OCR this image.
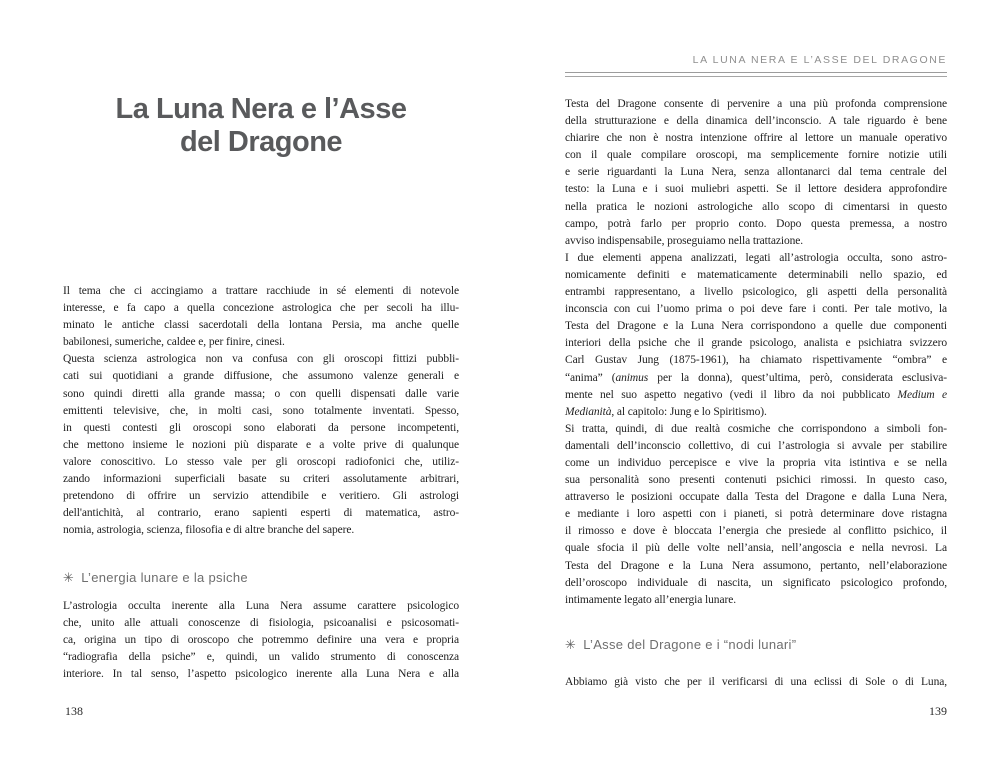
La Luna Nera e l’Asse
del Dragone
Il tema che ci accingiamo a trattare racchiude in sé elementi di notevole
interesse, e fa capo a quella concezione astrologica che per secoli ha illu-
minato le antiche classi sacerdotali della lontana Persia, ma anche quelle
babilonesi, sumeriche, caldee e, per finire, cinesi.
Questa scienza astrologica non va confusa con gli oroscopi fittizi pubbli-
cati sui quotidiani a grande diffusione, che assumono valenze generali e
sono quindi diretti alla grande massa; o con quelli dispensati dalle varie
emittenti televisive, che, in molti casi, sono totalmente inventati. Spesso,
in questi contesti gli oroscopi sono elaborati da persone incompetenti,
che mettono insieme le nozioni più disparate e a volte prive di qualunque
valore conoscitivo. Lo stesso vale per gli oroscopi radiofonici che, utiliz-
zando informazioni superficiali basate su criteri assolutamente arbitrari,
pretendono di offrire un servizio attendibile e veritiero. Gli astrologi
dell'antichità, al contrario, erano sapienti esperti di matematica, astro-
nomia, astrologia, scienza, filosofia e di altre branche del sapere.
✳ L’energia lunare e la psiche
L’astrologia occulta inerente alla Luna Nera assume carattere psicologico
che, unito alle attuali conoscenze di fisiologia, psicoanalisi e psicosomati-
ca, origina un tipo di oroscopo che potremmo definire una vera e propria
“radiografia della psiche” e, quindi, un valido strumento di conoscenza
interiore. In tal senso, l’aspetto psicologico inerente alla Luna Nera e alla
138
LA LUNA NERA E L’ASSE DEL DRAGONE
Testa del Dragone consente di pervenire a una più profonda comprensione
della strutturazione e della dinamica dell’inconscio. A tale riguardo è bene
chiarire che non è nostra intenzione offrire al lettore un manuale operativo
con il quale compilare oroscopi, ma semplicemente fornire notizie utili
e serie riguardanti la Luna Nera, senza allontanarci dal tema centrale del
testo: la Luna e i suoi muliebri aspetti. Se il lettore desidera approfondire
nella pratica le nozioni astrologiche allo scopo di cimentarsi in questo
campo, potrà farlo per proprio conto. Dopo questa premessa, a nostro
avviso indispensabile, proseguiamo nella trattazione.
I due elementi appena analizzati, legati all’astrologia occulta, sono astro-
nomicamente definiti e matematicamente determinabili nello spazio, ed
entrambi rappresentano, a livello psicologico, gli aspetti della personalità
inconscia con cui l’uomo prima o poi deve fare i conti. Per tale motivo, la
Testa del Dragone e la Luna Nera corrispondono a quelle due componenti
interiori della psiche che il grande psicologo, analista e psichiatra svizzero
Carl Gustav Jung (1875-1961), ha chiamato rispettivamente “ombra” e
“anima” (animus per la donna), quest’ultima, però, considerata esclusiva-
mente nel suo aspetto negativo (vedi il libro da noi pubblicato Medium e
Medianità, al capitolo: Jung e lo Spiritismo).
Si tratta, quindi, di due realtà cosmiche che corrispondono a simboli fon-
damentali dell’inconscio collettivo, di cui l’astrologia si avvale per stabilire
come un individuo percepisce e vive la propria vita istintiva e se nella
sua personalità sono presenti contenuti psichici rimossi. In questo caso,
attraverso le posizioni occupate dalla Testa del Dragone e dalla Luna Nera,
e mediante i loro aspetti con i pianeti, si potrà determinare dove ristagna
il rimosso e dove è bloccata l’energia che presiede al conflitto psichico, il
quale sfocia il più delle volte nell’ansia, nell’angoscia e nella nevrosi. La
Testa del Dragone e la Luna Nera assumono, pertanto, nell’elaborazione
dell’oroscopo individuale di nascita, un significato psicologico profondo,
intimamente legato all’energia lunare.
✳ L’Asse del Dragone e i “nodi lunari”
Abbiamo già visto che per il verificarsi di una eclissi di Sole o di Luna,
139
